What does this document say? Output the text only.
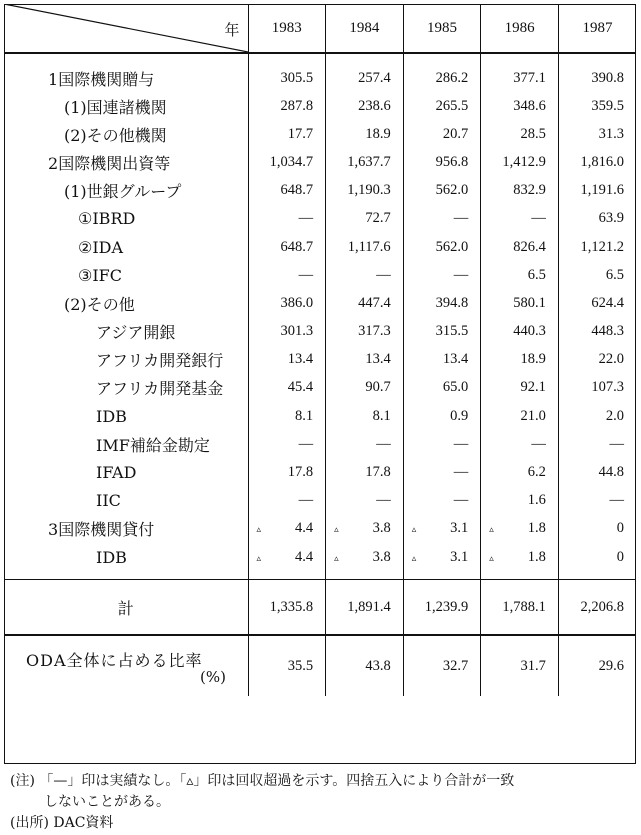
年	1983	1984	1985	1986	1987

1国際機関贈与	305.5	257.4	286.2	377.1	390.8

(1)国連諸機関	287.8	238.6	265.5	348.6	359.5

(2)その他機関	17.7	18.9	20.7	28.5	31.3

2国際機関出資等	1,034.7	1,637.7	956.8	1,412.9	1,816.0

(1)世銀グループ	648.7	1,190.3	562.0	832.9	1,191.6

①IBRD	—	72.7	—	—	63.9

②IDA	648.7	1,117.6	562.0	826.4	1,121.2

③IFC	—	—	—	6.5	6.5

(2)その他	386.0	447.4	394.8	580.1	624.4

アジア開銀	301.3	317.3	315.5	440.3	448.3

アフリカ開発銀行	13.4	13.4	13.4	18.9	22.0

アフリカ開発基金	45.4	90.7	65.0	92.1	107.3

IDB	8.1	8.1	0.9	21.0	2.0

IMF補給金勘定	—	—	—	—	—

IFAD	17.8	17.8	—	6.2	44.8

IIC	—	—	—	1.6	—

3国際機関貸付	▵ 4.4	▵ 3.8	▵ 3.1	▵ 1.8	0

IDB	▵ 4.4	▵ 3.8	▵ 3.1	▵ 1.8	0
計	1,335.8	1,891.4	1,239.9	1,788.1	2,206.8

ODA全体に占める比率
(%)	35.5	43.8	32.7	31.7	29.6
(注) 「—」印は実績なし。「▵」印は回収超過を示す。四捨五入により合計が一致
しないことがある。
(出所) DAC資料
